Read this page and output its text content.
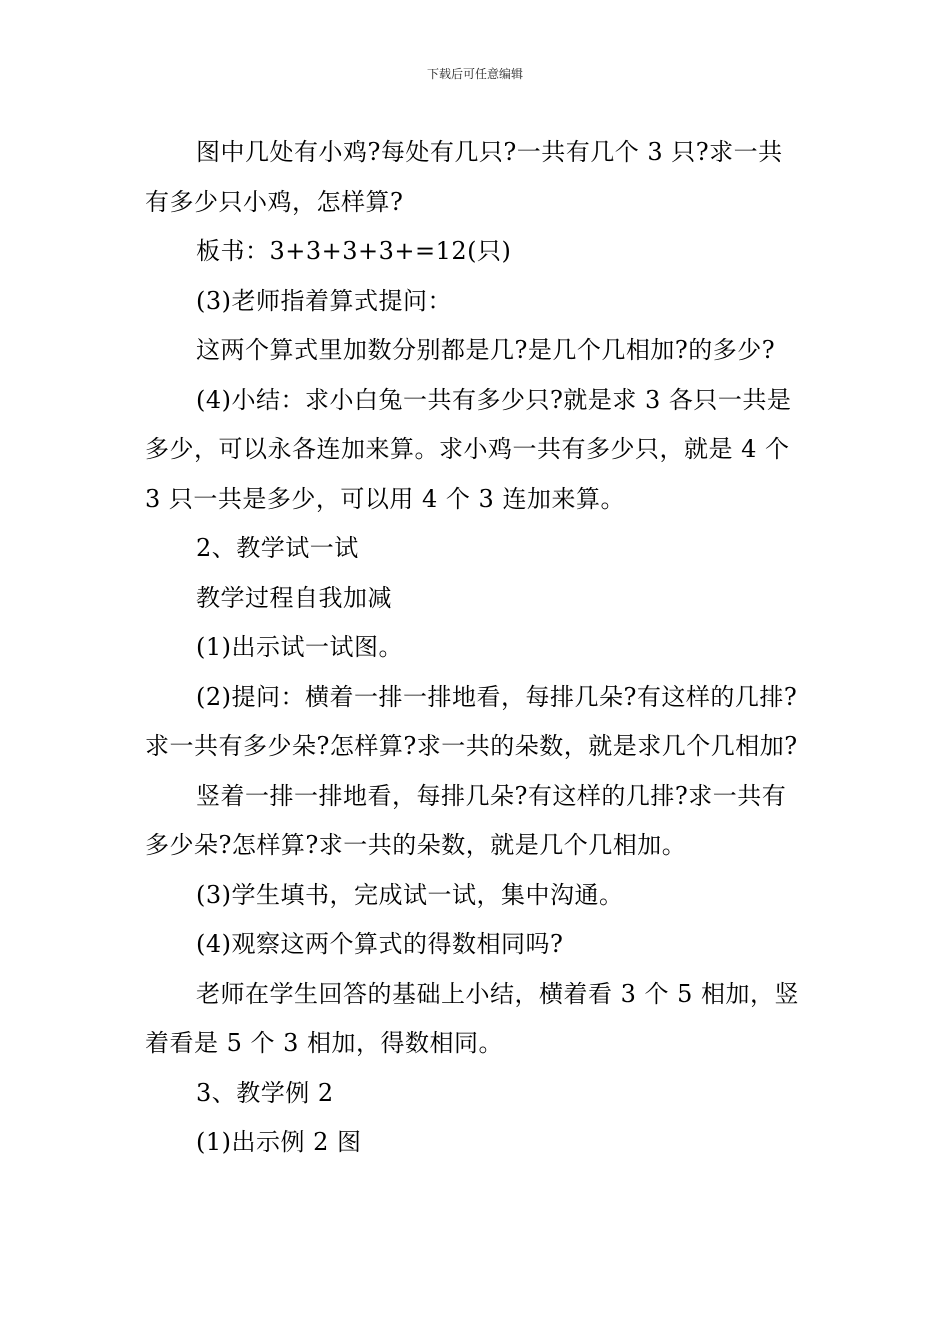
下载后可任意编辑

图中几处有小鸡?每处有几只?一共有几个 3 只?求一共有多少只小鸡，怎样算?

板书：3+3+3+3+=12(只)

(3)老师指着算式提问：

这两个算式里加数分别都是几?是几个几相加?的多少?

(4)小结：求小白兔一共有多少只?就是求 3 各只一共是多少，可以永各连加来算。求小鸡一共有多少只，就是 4 个 3 只一共是多少，可以用 4 个 3 连加来算。

2、教学试一试

教学过程自我加减

(1)出示试一试图。

(2)提问：横着一排一排地看，每排几朵?有这样的几排?求一共有多少朵?怎样算?求一共的朵数，就是求几个几相加?

竖着一排一排地看，每排几朵?有这样的几排?求一共有多少朵?怎样算?求一共的朵数，就是几个几相加。

(3)学生填书，完成试一试，集中沟通。

(4)观察这两个算式的得数相同吗?

老师在学生回答的基础上小结，横着看 3 个 5 相加，竖着看是 5 个 3 相加，得数相同。

3、教学例 2

(1)出示例 2 图
